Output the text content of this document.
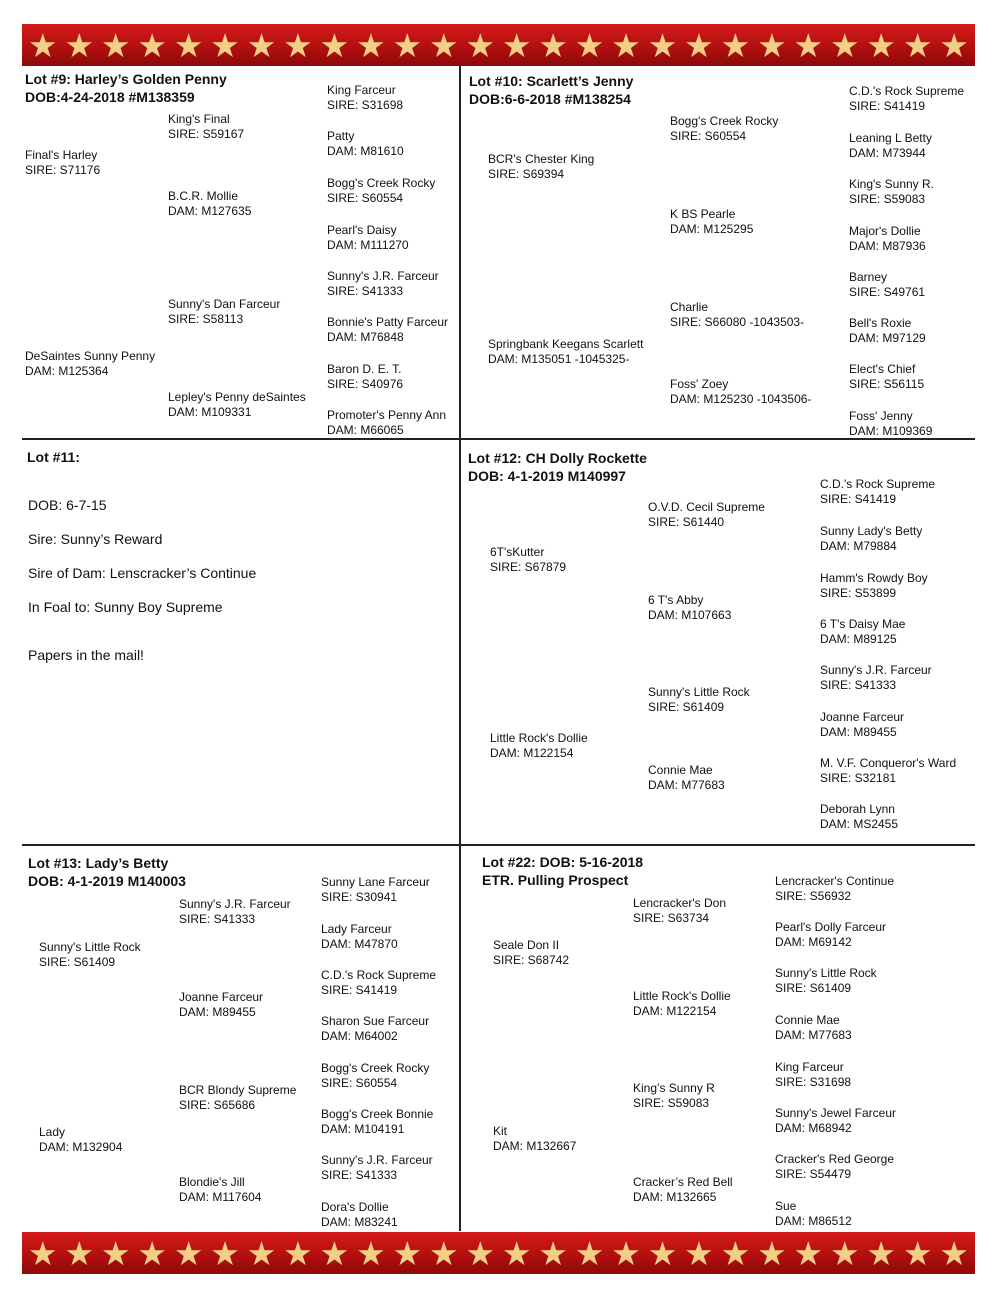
★ ★ ★ ★ ★ ★ ★ ★ ★ ★ ★ ★ ★ ★ ★ ★ ★ ★ ★ ★ ★ ★ ★ ★ ★ ★
Lot #9: Harley’s Golden Penny
DOB:4-24-2018 #M138359
Final's Harley
SIRE: S71176
DeSaintes Sunny Penny
DAM: M125364
King's Final
SIRE: S59167
B.C.R. Mollie
DAM: M127635
Sunny's Dan Farceur
SIRE: S58113
Lepley's Penny deSaintes
DAM: M109331
King Farceur
SIRE: S31698
Patty
DAM: M81610
Bogg's Creek Rocky
SIRE: S60554
Pearl's Daisy
DAM: M111270
Sunny's J.R. Farceur
SIRE: S41333
Bonnie's Patty Farceur
DAM: M76848
Baron D. E. T.
SIRE: S40976
Promoter's Penny Ann
DAM: M66065
Lot #10: Scarlett’s Jenny
DOB:6-6-2018 #M138254
BCR's Chester King
SIRE: S69394
Springbank Keegans Scarlett
DAM: M135051 -1045325-
Bogg's Creek Rocky
SIRE: S60554
K BS Pearle
DAM: M125295
Charlie
SIRE: S66080 -1043503-
Foss' Zoey
DAM: M125230 -1043506-
C.D.'s Rock Supreme
SIRE: S41419
Leaning L Betty
DAM: M73944
King's Sunny R.
SIRE: S59083
Major's Dollie
DAM: M87936
Barney
SIRE: S49761
Bell's Roxie
DAM: M97129
Elect's Chief
SIRE: S56115
Foss' Jenny
DAM: M109369
Lot #11:
DOB: 6-7-15
Sire: Sunny’s Reward
Sire of Dam: Lenscracker’s Continue
In Foal to: Sunny Boy Supreme
Papers in the mail!
Lot #12: CH Dolly Rockette
DOB: 4-1-2019 M140997
6T'sKutter
SIRE: S67879
Little Rock's Dollie
DAM: M122154
O.V.D. Cecil Supreme
SIRE: S61440
6 T's Abby
DAM: M107663
Sunny's Little Rock
SIRE: S61409
Connie Mae
DAM: M77683
C.D.'s Rock Supreme
SIRE: S41419
Sunny Lady's Betty
DAM: M79884
Hamm's Rowdy Boy
SIRE: S53899
6 T's Daisy Mae
DAM: M89125
Sunny's J.R. Farceur
SIRE: S41333
Joanne Farceur
DAM: M89455
M. V.F. Conqueror's Ward
SIRE: S32181
Deborah Lynn
DAM: MS2455
Lot #13: Lady’s Betty
DOB: 4-1-2019 M140003
Sunny's Little Rock
SIRE: S61409
Lady
DAM: M132904
Sunny's J.R. Farceur
SIRE: S41333
Joanne Farceur
DAM: M89455
BCR Blondy Supreme
SIRE: S65686
Blondie's Jill
DAM: M117604
Sunny Lane Farceur
SIRE: S30941
Lady Farceur
DAM: M47870
C.D.'s Rock Supreme
SIRE: S41419
Sharon Sue Farceur
DAM: M64002
Bogg's Creek Rocky
SIRE: S60554
Bogg's Creek Bonnie
DAM: M104191
Sunny's J.R. Farceur
SIRE: S41333
Dora's Dollie
DAM: M83241
Lot #22: DOB: 5-16-2018
ETR. Pulling Prospect
Seale Don II
SIRE: S68742
Kit
DAM: M132667
Lencracker's Don
SIRE: S63734
Little Rock's Dollie
DAM: M122154
King’s Sunny R
SIRE: S59083
Cracker’s Red Bell
DAM: M132665
Lencracker's Continue
SIRE: S56932
Pearl's Dolly Farceur
DAM: M69142
Sunny's Little Rock
SIRE: S61409
Connie Mae
DAM: M77683
King Farceur
SIRE: S31698
Sunny's Jewel Farceur
DAM: M68942
Cracker's Red George
SIRE: S54479
Sue
DAM: M86512
★ ★ ★ ★ ★ ★ ★ ★ ★ ★ ★ ★ ★ ★ ★ ★ ★ ★ ★ ★ ★ ★ ★ ★ ★ ★
